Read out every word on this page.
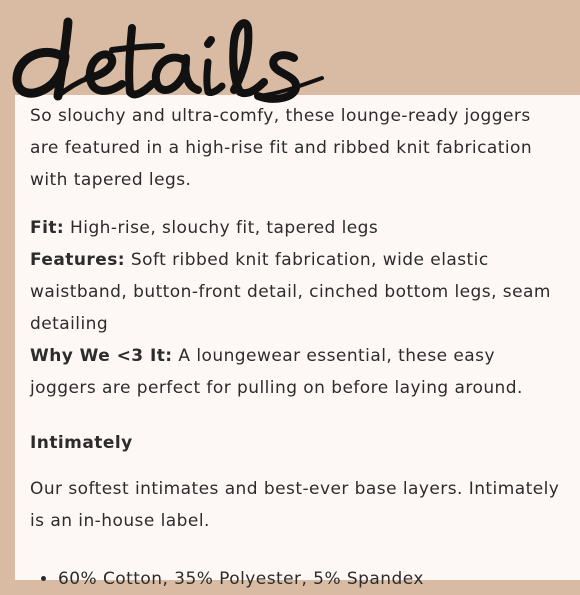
So slouchy and ultra-comfy, these lounge-ready joggers are featured in a high-rise fit and ribbed knit fabrication with tapered legs.

Fit: High-rise, slouchy fit, tapered legs

Features: Soft ribbed knit fabrication, wide elastic waistband, button-front detail, cinched bottom legs, seam detailing

Why We <3 It: A loungewear essential, these easy joggers are perfect for pulling on before laying around.

Intimately

Our softest intimates and best-ever base layers. Intimately is an in-house label.

• 60% Cotton, 35% Polyester, 5% Spandex
